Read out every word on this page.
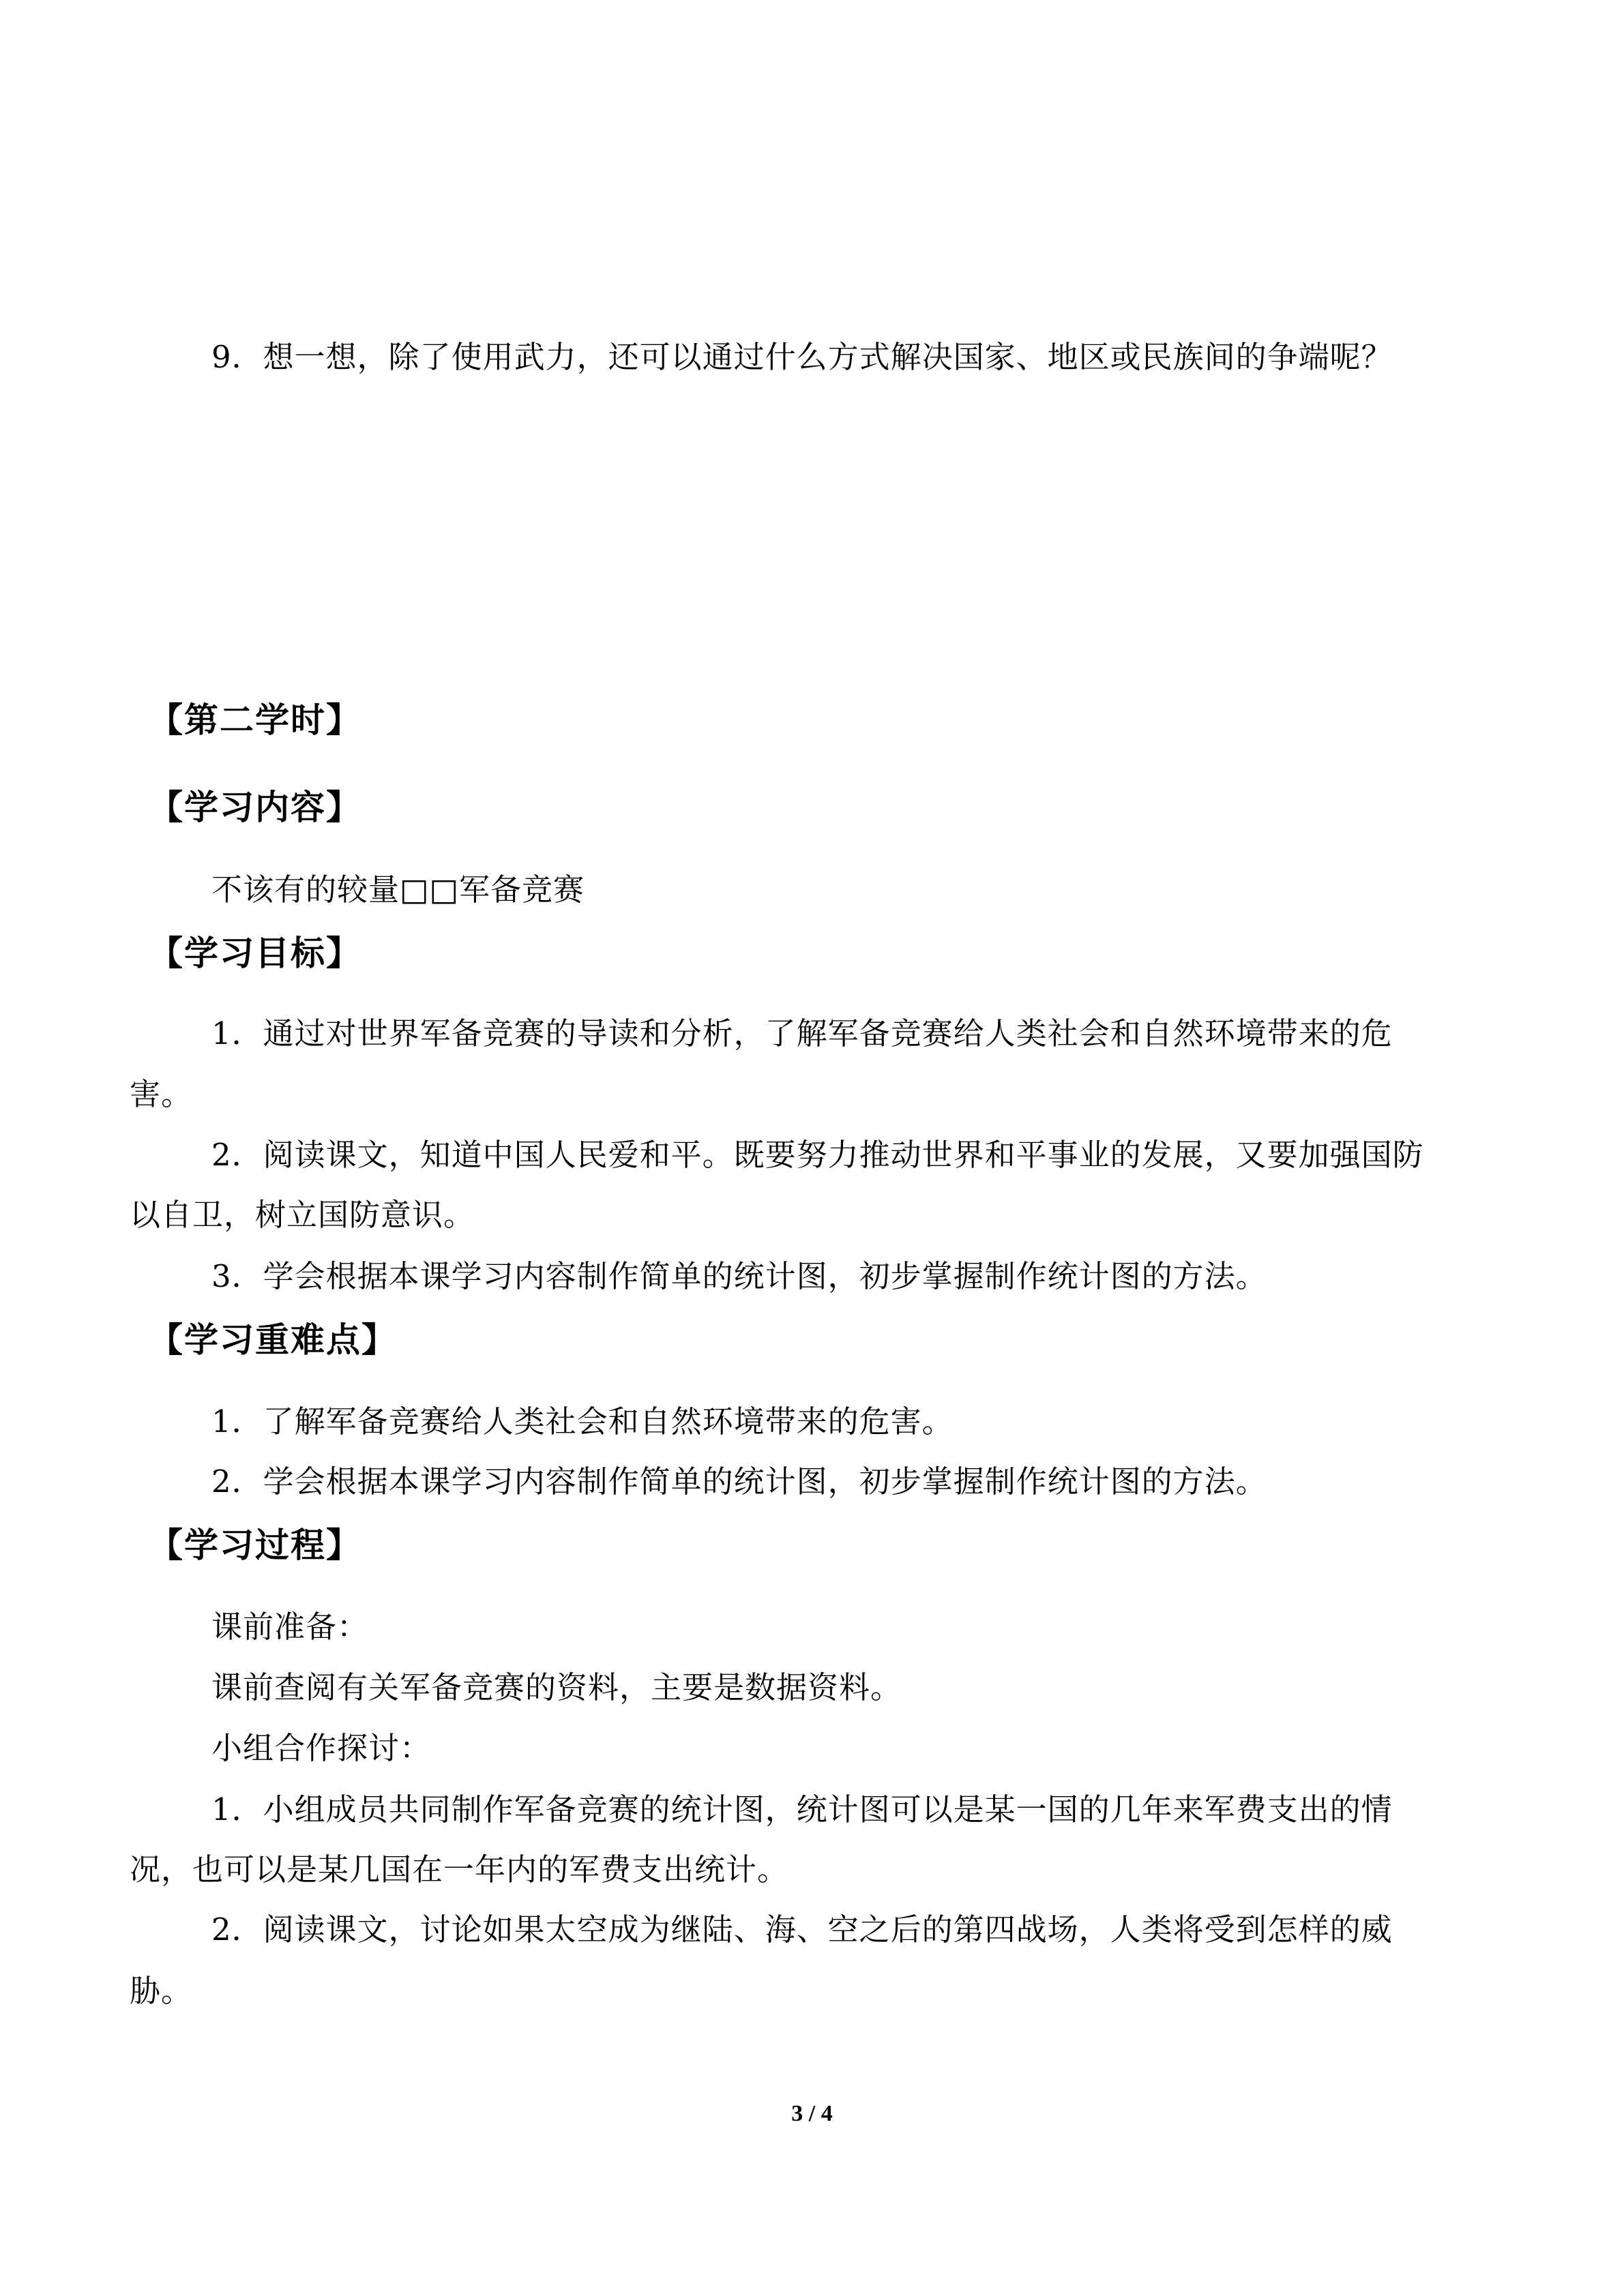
9．想一想，除了使用武力，还可以通过什么方式解决国家、地区或民族间的争端呢？
【第二学时】
【学习内容】
不该有的较量□□军备竞赛
【学习目标】
1．通过对世界军备竞赛的导读和分析，了解军备竞赛给人类社会和自然环境带来的危
害。
2．阅读课文，知道中国人民爱和平。既要努力推动世界和平事业的发展，又要加强国防
以自卫，树立国防意识。
3．学会根据本课学习内容制作简单的统计图，初步掌握制作统计图的方法。
【学习重难点】
1．了解军备竞赛给人类社会和自然环境带来的危害。
2．学会根据本课学习内容制作简单的统计图，初步掌握制作统计图的方法。
【学习过程】
课前准备：
课前查阅有关军备竞赛的资料，主要是数据资料。
小组合作探讨：
1．小组成员共同制作军备竞赛的统计图，统计图可以是某一国的几年来军费支出的情
况，也可以是某几国在一年内的军费支出统计。
2．阅读课文，讨论如果太空成为继陆、海、空之后的第四战场，人类将受到怎样的威
胁。
3 / 4
